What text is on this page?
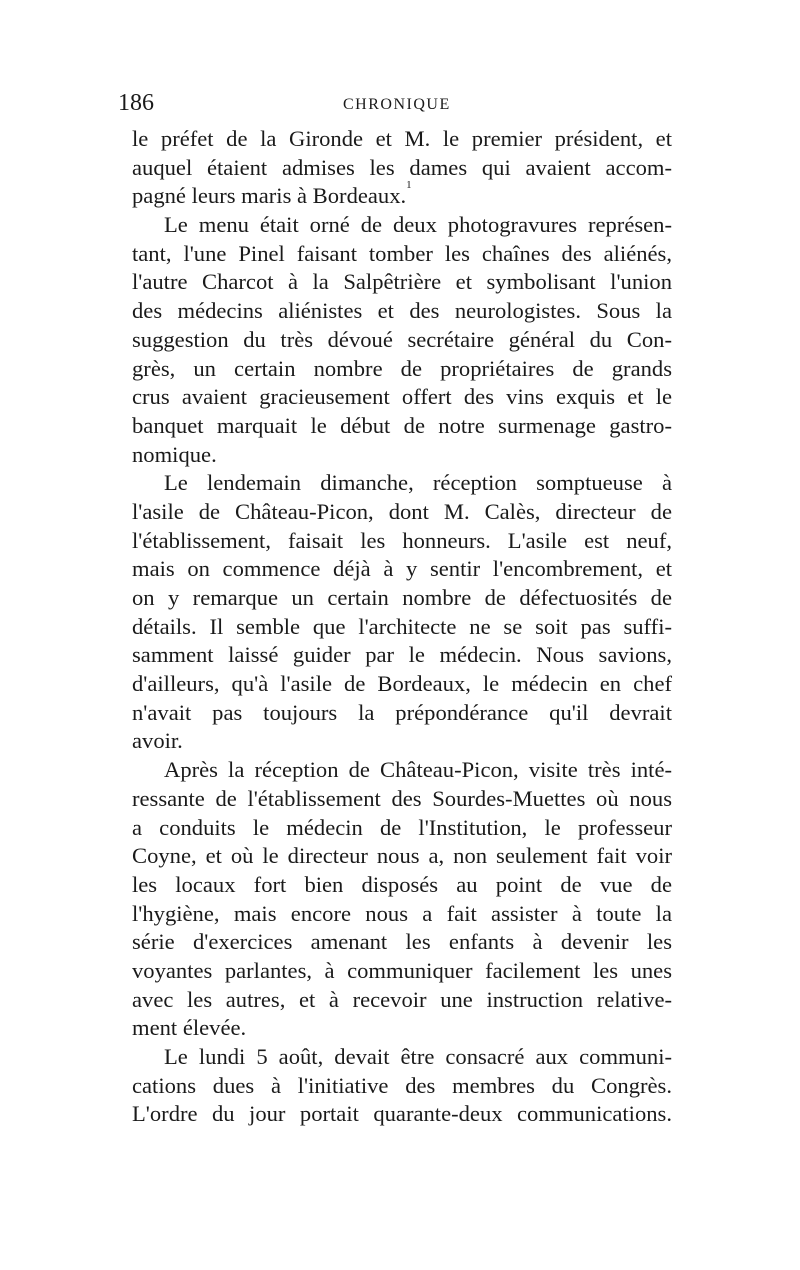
186	CHRONIQUE
le préfet de la Gironde et M. le premier président, et
auquel étaient admises les dames qui avaient accom-
pagné leurs maris à Bordeaux.$^1$
Le menu était orné de deux photogravures représen-
tant, l'une Pinel faisant tomber les chaînes des aliénés,
l'autre Charcot à la Salpêtrière et symbolisant l'union
des médecins aliénistes et des neurologistes. Sous la
suggestion du très dévoué secrétaire général du Con-
grès, un certain nombre de propriétaires de grands
crus avaient gracieusement offert des vins exquis et le
banquet marquait le début de notre surmenage gastro-
nomique.
Le lendemain dimanche, réception somptueuse à
l'asile de Château-Picon, dont M. Calès, directeur de
l'établissement, faisait les honneurs. L'asile est neuf,
mais on commence déjà à y sentir l'encombrement, et
on y remarque un certain nombre de défectuosités de
détails. Il semble que l'architecte ne se soit pas suffi-
samment laissé guider par le médecin. Nous savions,
d'ailleurs, qu'à l'asile de Bordeaux, le médecin en chef
n'avait pas toujours la prépondérance qu'il devrait
avoir.
Après la réception de Château-Picon, visite très inté-
ressante de l'établissement des Sourdes-Muettes où nous
a conduits le médecin de l'Institution, le professeur
Coyne, et où le directeur nous a, non seulement fait voir
les locaux fort bien disposés au point de vue de
l'hygiène, mais encore nous a fait assister à toute la
série d'exercices amenant les enfants à devenir les
voyantes parlantes, à communiquer facilement les unes
avec les autres, et à recevoir une instruction relative-
ment élevée.
Le lundi 5 août, devait être consacré aux communi-
cations dues à l'initiative des membres du Congrès.
L'ordre du jour portait quarante-deux communications.
